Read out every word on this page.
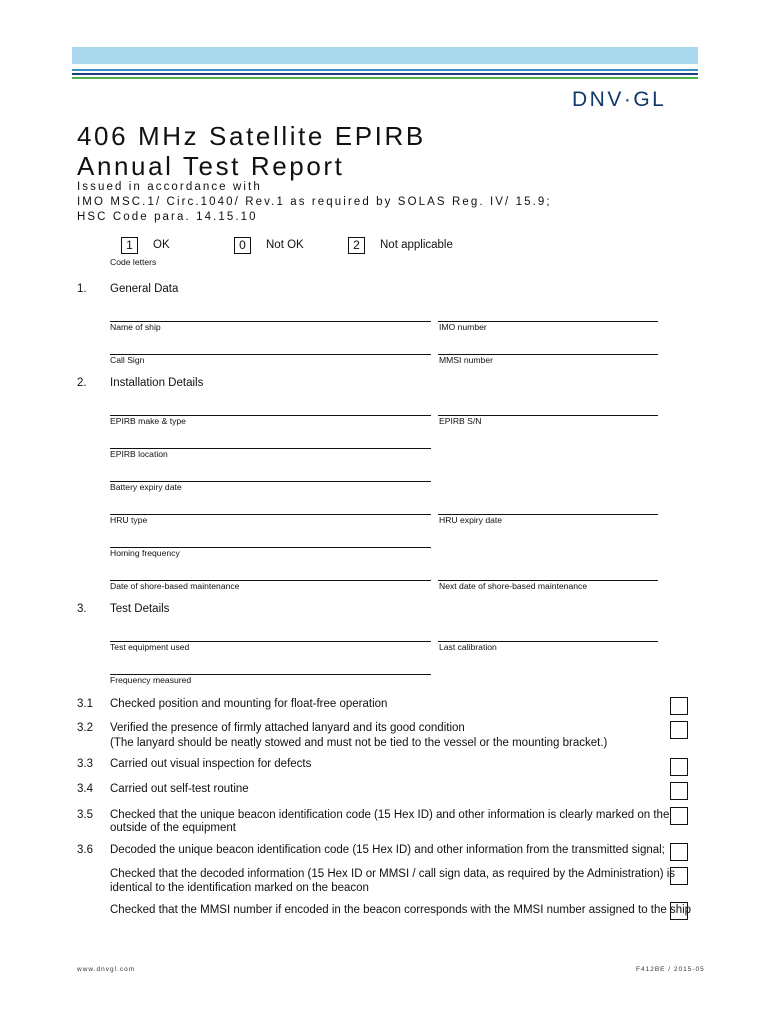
DNV·GL
406 MHz Satellite EPIRB
Annual Test Report
Issued in accordance with
IMO MSC.1/ Circ.1040/ Rev.1 as required by SOLAS Reg. IV/ 15.9;
HSC Code para. 14.15.10
1	OK	0	Not OK	2	Not applicable
Code letters
1. General Data
Name of ship	IMO number
Call Sign	MMSI number
2. Installation Details
EPIRB make & type	EPIRB S/N
EPIRB location
Battery expiry date
HRU type	HRU expiry date
Homing frequency
Date of shore-based maintenance	Next date of shore-based maintenance
3. Test Details
Test equipment used	Last calibration
Frequency measured
3.1 Checked position and mounting for float-free operation
3.2 Verified the presence of firmly attached lanyard and its good condition
(The lanyard should be neatly stowed and must not be tied to the vessel or the mounting bracket.)
3.3 Carried out visual inspection for defects
3.4 Carried out self-test routine
3.5 Checked that the unique beacon identification code (15 Hex ID) and other information is clearly marked on the
outside of the equipment
3.6 Decoded the unique beacon identification code (15 Hex ID) and other information from the transmitted signal;
Checked that the decoded information (15 Hex ID or MMSI / call sign data, as required by the Administration) is
identical to the identification marked on the beacon
Checked that the MMSI number if encoded in the beacon corresponds with the MMSI number assigned to the ship
www.dnvgl.com	F412BE / 2015-05
